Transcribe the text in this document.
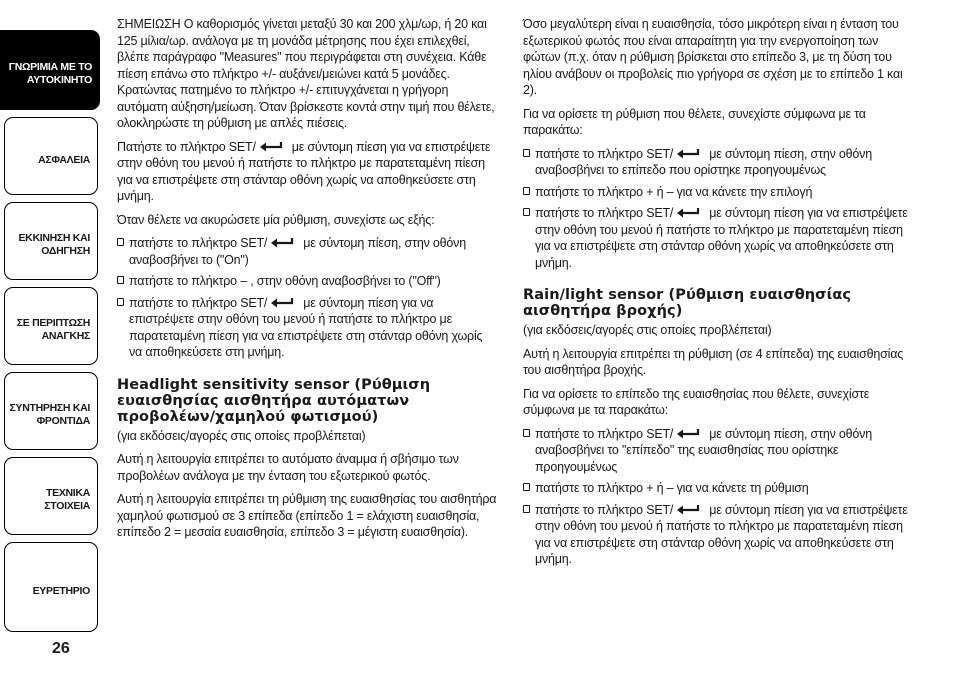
ΓΝΩΡΙΜΙΑ ΜΕ ΤΟ
ΑΥΤΟΚΙΝΗΤΟ
ΑΣΦΑΛΕΙΑ
ΕΚΚΙΝΗΣΗ ΚΑΙ
ΟΔΗΓΗΣΗ
ΣΕ ΠΕΡΙΠΤΩΣΗ
ΑΝΑΓΚΗΣ
ΣΥΝΤΗΡΗΣΗ ΚΑΙ
ΦΡΟΝΤΙΔΑ
ΤΕΧΝΙΚΑ ΣΤΟΙΧΕΙΑ
ΕΥΡΕΤΗΡΙΟ
26

ΣΗΜΕΙΩΣΗ Ο καθορισμός γίνεται μεταξύ 30 και 200 χλμ/ωρ, ή 20 και 125 μίλια/ωρ. ανάλογα με τη μονάδα μέτρησης που έχει επιλεχθεί, βλέπε παράγραφο "Measures" που περιγράφεται στη συνέχεια. Κάθε πίεση επάνω στο πλήκτρο +/- αυξάνει/μειώνει κατά 5 μονάδες. Κρατώντας πατημένο το πλήκτρο +/- επιτυγχάνεται η γρήγορη αυτόματη αύξηση/μείωση. Όταν βρίσκεστε κοντά στην τιμή που θέλετε, ολοκληρώστε τη ρύθμιση με απλές πιέσεις.

Πατήστε το πλήκτρο SET/	με σύντομη πίεση για να επιστρέψετε στην οθόνη του μενού ή πατήστε το πλήκτρο με παρατεταμένη πίεση για να επιστρέψετε στη στάνταρ οθόνη χωρίς να αποθηκεύσετε στη μνήμη.

Όταν θέλετε να ακυρώσετε μία ρύθμιση, συνεχίστε ως εξής:

πατήστε το πλήκτρο SET/	με σύντομη πίεση, στην οθόνη αναβοσβήνει το ("On")
πατήστε το πλήκτρο – , στην οθόνη αναβοσβήνει το ("Off")
πατήστε το πλήκτρο SET/	με σύντομη πίεση για να επιστρέψετε στην οθόνη του μενού ή πατήστε το πλήκτρο με παρατεταμένη πίεση για να επιστρέψετε στη στάνταρ οθόνη χωρίς να αποθηκεύσετε στη μνήμη.
Headlight sensitivity sensor (Ρύθμιση ευαισθησίας αισθητήρα αυτόματων προβολέων/χαμηλού φωτισμού)

(για εκδόσεις/αγορές στις οποίες προβλέπεται)

Αυτή η λειτουργία επιτρέπει το αυτόματο άναμμα ή σβήσιμο των προβολέων ανάλογα με την ένταση του εξωτερικού φωτός.

Αυτή η λειτουργία επιτρέπει τη ρύθμιση της ευαισθησίας του αισθητήρα χαμηλού φωτισμού σε 3 επίπεδα (επίπεδο 1 = ελάχιστη ευαισθησία, επίπεδο 2 = μεσαία ευαισθησία, επίπεδο 3 = μέγιστη ευαισθησία).

Όσο μεγαλύτερη είναι η ευαισθησία, τόσο μικρότερη είναι η ένταση του εξωτερικού φωτός που είναι απαραίτητη για την ενεργοποίηση των φώτων (π.χ. όταν η ρύθμιση βρίσκεται στο επίπεδο 3, με τη δύση του ηλίου ανάβουν οι προβολείς πιο γρήγορα σε σχέση με το επίπεδο 1 και 2).

Για να ορίσετε τη ρύθμιση που θέλετε, συνεχίστε σύμφωνα με τα παρακάτω:

πατήστε το πλήκτρο SET/	με σύντομη πίεση, στην οθόνη αναβοσβήνει το επίπεδο που ορίστηκε προηγουμένως
πατήστε το πλήκτρο + ή – για να κάνετε την επιλογή
πατήστε το πλήκτρο SET/	με σύντομη πίεση για να επιστρέψετε στην οθόνη του μενού ή πατήστε το πλήκτρο με παρατεταμένη πίεση για να επιστρέψετε στη στάνταρ οθόνη χωρίς να αποθηκεύσετε στη μνήμη.
Rain/light sensor (Ρύθμιση ευαισθησίας αισθητήρα βροχής)

(για εκδόσεις/αγορές στις οποίες προβλέπεται)

Αυτή η λειτουργία επιτρέπει τη ρύθμιση (σε 4 επίπεδα) της ευαισθησίας του αισθητήρα βροχής.

Για να ορίσετε το επίπεδο της ευαισθησίας που θέλετε, συνεχίστε σύμφωνα με τα παρακάτω:

πατήστε το πλήκτρο SET/	με σύντομη πίεση, στην οθόνη αναβοσβήνει το "επίπεδο" της ευαισθησίας που ορίστηκε προηγουμένως
πατήστε το πλήκτρο + ή – για να κάνετε τη ρύθμιση
πατήστε το πλήκτρο SET/	με σύντομη πίεση για να επιστρέψετε στην οθόνη του μενού ή πατήστε το πλήκτρο με παρατεταμένη πίεση για να επιστρέψετε στη στάνταρ οθόνη χωρίς να αποθηκεύσετε στη μνήμη.
